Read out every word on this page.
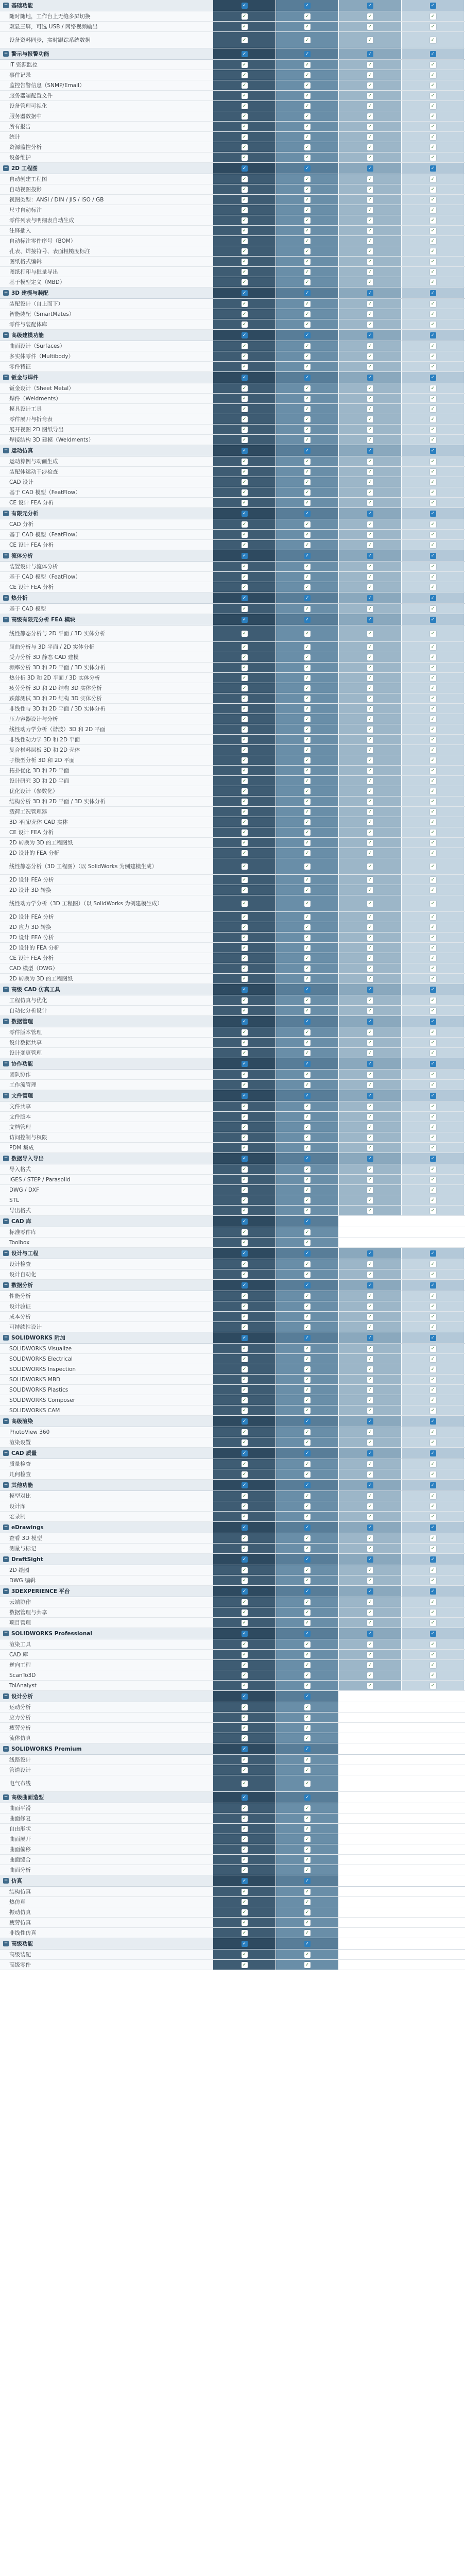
− 基础功能	✓	✓	✓	✓
随时随地，工作台上无缝多屏切换	✓	✓	✓	✓
双显三屏，可选 USB / 网络视频输出	✓	✓	✓	✓
设备资料同步，实时跟踪系统数据	✓	✓	✓	✓
− 警示与报警功能	✓	✓	✓	✓
IT 资源监控	✓	✓	✓	✓
事件记录	✓	✓	✓	✓
监控告警信息（SNMP/Email）	✓	✓	✓	✓
服务器端配置文件	✓	✓	✓	✓
设备管理可视化	✓	✓	✓	✓
服务器数据中	✓	✓	✓	✓
所有报告	✓	✓	✓	✓
统计	✓	✓	✓	✓
资源监控分析	✓	✓	✓	✓
设备维护	✓	✓	✓	✓
− 2D 工程图	✓	✓	✓	✓
自动创建工程图	✓	✓	✓	✓
自动视图投影	✓	✓	✓	✓
视图类型：ANSI / DIN / JIS / ISO / GB	✓	✓	✓	✓
尺寸自动标注	✓	✓	✓	✓
零件列表与明细表自动生成	✓	✓	✓	✓
注释插入	✓	✓	✓	✓
自动标注零件序号（BOM）	✓	✓	✓	✓
孔表、焊接符号、表面粗糙度标注	✓	✓	✓	✓
图纸格式编辑	✓	✓	✓	✓
图纸打印与批量导出	✓	✓	✓	✓
基于模型定义（MBD）	✓	✓	✓	✓
− 3D 建模与装配	✓	✓	✓	✓
装配设计（自上而下）	✓	✓	✓	✓
智能装配（SmartMates）	✓	✓	✓	✓
零件与装配体库	✓	✓	✓	✓
− 高级建模功能	✓	✓	✓	✓
曲面设计（Surfaces）	✓	✓	✓	✓
多实体零件（Multibody）	✓	✓	✓	✓
零件特征	✓	✓	✓	✓
− 钣金与焊件	✓	✓	✓	✓
钣金设计（Sheet Metal）	✓	✓	✓	✓
焊件（Weldments）	✓	✓	✓	✓
模具设计工具	✓	✓	✓	✓
零件展开与折弯表	✓	✓	✓	✓
展开视图 2D 图纸导出	✓	✓	✓	✓
焊接结构 3D 建模（Weldments）	✓	✓	✓	✓
− 运动仿真	✓	✓	✓	✓
运动算例与动画生成	✓	✓	✓	✓
装配体运动干涉检查	✓	✓	✓	✓
CAD 设计	✓	✓	✓	✓
基于 CAD 模型（FeatFlow）	✓	✓	✓	✓
CE 设计 FEA 分析	✓	✓	✓	✓
− 有限元分析	✓	✓	✓	✓
CAD 分析	✓	✓	✓	✓
基于 CAD 模型（FeatFlow）	✓	✓	✓	✓
CE 设计 FEA 分析	✓	✓	✓	✓
− 流体分析	✓	✓	✓	✓
装置设计与流体分析	✓	✓	✓	✓
基于 CAD 模型（FeatFlow）	✓	✓	✓	✓
CE 设计 FEA 分析	✓	✓	✓	✓
− 热分析	✓	✓	✓	✓
基于 CAD 模型	✓	✓	✓	✓
− 高级有限元分析 FEA 模块	✓	✓	✓	✓
线性静态分析与 2D 平面 / 3D 实体分析	✓	✓	✓	✓
屈曲分析与 3D 平面 / 2D 实体分析	✓	✓	✓	✓
受力分析 3D 静态 CAD 建模	✓	✓	✓	✓
频率分析 3D 和 2D 平面 / 3D 实体分析	✓	✓	✓	✓
热分析 3D 和 2D 平面 / 3D 实体分析	✓	✓	✓	✓
疲劳分析 3D 和 2D 结构 3D 实体分析	✓	✓	✓	✓
跌落测试 3D 和 2D 结构 3D 实体分析	✓	✓	✓	✓
非线性与 3D 和 2D 平面 / 3D 实体分析	✓	✓	✓	✓
压力容器设计与分析	✓	✓	✓	✓
线性动力学分析（谐波）3D 和 2D 平面	✓	✓	✓	✓
非线性动力学 3D 和 2D 平面	✓	✓	✓	✓
复合材料层板 3D 和 2D 壳体	✓	✓	✓	✓
子模型分析 3D 和 2D 平面	✓	✓	✓	✓
拓扑优化 3D 和 2D 平面	✓	✓	✓	✓
设计研究 3D 和 2D 平面	✓	✓	✓	✓
优化设计（参数化）	✓	✓	✓	✓
结构分析 3D 和 2D 平面 / 3D 实体分析	✓	✓	✓	✓
载荷工况管理器	✓	✓	✓	✓
3D 平面/壳体 CAD 实体	✓	✓	✓	✓
CE 设计 FEA 分析	✓	✓	✓	✓
2D 转换为 3D 的工程图纸	✓	✓	✓	✓
2D 设计的 FEA 分析	✓	✓	✓	✓
线性静态分析（3D 工程图）（以 SolidWorks 为例建模生成）	✓	✓	✓	✓
2D 设计 FEA 分析	✓	✓	✓	✓
2D 设计 3D 转换	✓	✓	✓	✓
线性动力学分析（3D 工程图）（以 SolidWorks 为例建模生成）	✓	✓	✓	✓
2D 设计 FEA 分析	✓	✓	✓	✓
2D 应力 3D 转换	✓	✓	✓	✓
2D 设计 FEA 分析	✓	✓	✓	✓
2D 设计的 FEA 分析	✓	✓	✓	✓
CE 设计 FEA 分析	✓	✓	✓	✓
CAD 模型（DWG）	✓	✓	✓	✓
2D 转换为 3D 的工程图纸	✓	✓	✓	✓
− 高级 CAD 仿真工具	✓	✓	✓	✓
工程仿真与优化	✓	✓	✓	✓
自动化分析设计	✓	✓	✓	✓
− 数据管理	✓	✓	✓	✓
零件版本管理	✓	✓	✓	✓
设计数据共享	✓	✓	✓	✓
设计变更管理	✓	✓	✓	✓
− 协作功能	✓	✓	✓	✓
团队协作	✓	✓	✓	✓
工作流管理	✓	✓	✓	✓
− 文件管理	✓	✓	✓	✓
文件共享	✓	✓	✓	✓
文件版本	✓	✓	✓	✓
文档管理	✓	✓	✓	✓
访问控制与权限	✓	✓	✓	✓
PDM 集成	✓	✓	✓	✓
− 数据导入导出	✓	✓	✓	✓
导入格式	✓	✓	✓	✓
IGES / STEP / Parasolid	✓	✓	✓	✓
DWG / DXF	✓	✓	✓	✓
STL	✓	✓	✓	✓
导出格式	✓	✓	✓	✓
− CAD 库	✓	✓
标准零件库	✓	✓
Toolbox	✓	✓
− 设计与工程	✓	✓	✓	✓
设计检查	✓	✓	✓	✓
设计自动化	✓	✓	✓	✓
− 数据分析	✓	✓	✓	✓
性能分析	✓	✓	✓	✓
设计验证	✓	✓	✓	✓
成本分析	✓	✓	✓	✓
可持续性设计	✓	✓	✓	✓
− SOLIDWORKS 附加	✓	✓	✓	✓
SOLIDWORKS Visualize	✓	✓	✓	✓
SOLIDWORKS Electrical	✓	✓	✓	✓
SOLIDWORKS Inspection	✓	✓	✓	✓
SOLIDWORKS MBD	✓	✓	✓	✓
SOLIDWORKS Plastics	✓	✓	✓	✓
SOLIDWORKS Composer	✓	✓	✓	✓
SOLIDWORKS CAM	✓	✓	✓	✓
− 高级渲染	✓	✓	✓	✓
PhotoView 360	✓	✓	✓	✓
渲染设置	✓	✓	✓	✓
− CAD 质量	✓	✓	✓	✓
质量检查	✓	✓	✓	✓
几何检查	✓	✓	✓	✓
− 其他功能	✓	✓	✓	✓
模型对比	✓	✓	✓	✓
设计库	✓	✓	✓	✓
宏录制	✓	✓	✓	✓
− eDrawings	✓	✓	✓	✓
查看 3D 模型	✓	✓	✓	✓
测量与标记	✓	✓	✓	✓
− DraftSight	✓	✓	✓	✓
2D 绘图	✓	✓	✓	✓
DWG 编辑	✓	✓	✓	✓
− 3DEXPERIENCE 平台	✓	✓	✓	✓
云端协作	✓	✓	✓	✓
数据管理与共享	✓	✓	✓	✓
项目管理	✓	✓	✓	✓
− SOLIDWORKS Professional	✓	✓	✓	✓
渲染工具	✓	✓	✓	✓
CAD 库	✓	✓	✓	✓
逆向工程	✓	✓	✓	✓
ScanTo3D	✓	✓	✓	✓
TolAnalyst	✓	✓	✓	✓
− 设计分析	✓	✓
运动分析	✓	✓
应力分析	✓	✓
疲劳分析	✓	✓
流体仿真	✓	✓
− SOLIDWORKS Premium	✓	✓
线路设计	✓	✓
管道设计	✓	✓
电气布线	✓	✓
− 高级曲面造型	✓	✓
曲面平滑	✓	✓
曲面修复	✓	✓
自由形状	✓	✓
曲面展开	✓	✓
曲面偏移	✓	✓
曲面缝合	✓	✓
曲面分析	✓	✓
− 仿真	✓	✓
结构仿真	✓	✓
热仿真	✓	✓
振动仿真	✓	✓
疲劳仿真	✓	✓
非线性仿真	✓	✓
− 高级功能	✓	✓
高级装配	✓	✓
高级零件	✓	✓
